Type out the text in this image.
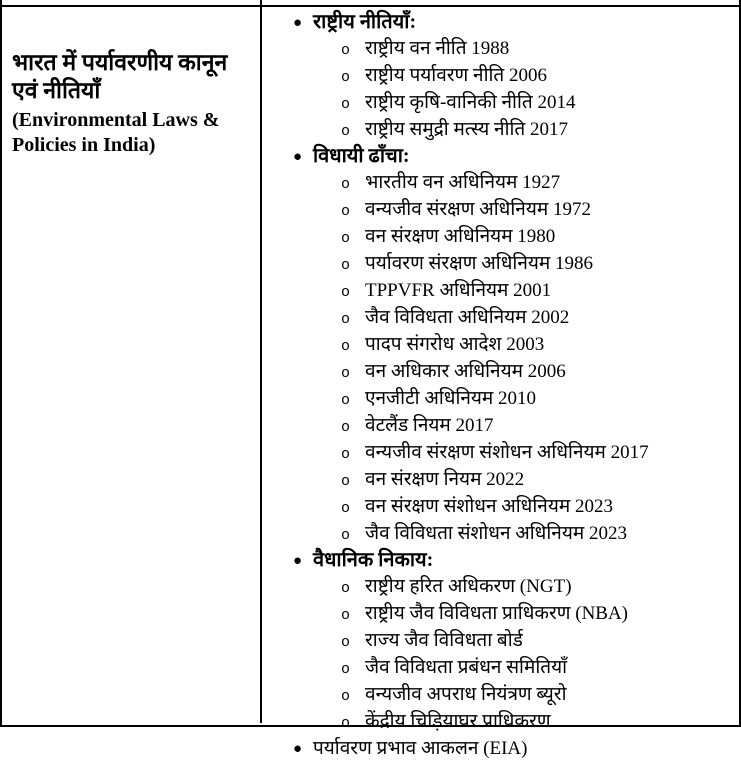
भारत में पर्यावरणीय कानून एवं नीतियाँ
(Environmental Laws & Policies in India)
● राष्ट्रीय नीतियाँ:
o राष्ट्रीय वन नीति 1988
o राष्ट्रीय पर्यावरण नीति 2006
o राष्ट्रीय कृषि-वानिकी नीति 2014
o राष्ट्रीय समुद्री मत्स्य नीति 2017
● विधायी ढाँचा:
o भारतीय वन अधिनियम 1927
o वन्यजीव संरक्षण अधिनियम 1972
o वन संरक्षण अधिनियम 1980
o पर्यावरण संरक्षण अधिनियम 1986
o TPPVFR अधिनियम 2001
o जैव विविधता अधिनियम 2002
o पादप संगरोध आदेश 2003
o वन अधिकार अधिनियम 2006
o एनजीटी अधिनियम 2010
o वेटलैंड नियम 2017
o वन्यजीव संरक्षण संशोधन अधिनियम 2017
o वन संरक्षण नियम 2022
o वन संरक्षण संशोधन अधिनियम 2023
o जैव विविधता संशोधन अधिनियम 2023
● वैधानिक निकाय:
o राष्ट्रीय हरित अधिकरण (NGT)
o राष्ट्रीय जैव विविधता प्राधिकरण (NBA)
o राज्य जैव विविधता बोर्ड
o जैव विविधता प्रबंधन समितियाँ
o वन्यजीव अपराध नियंत्रण ब्यूरो
o केंद्रीय चिड़ियाघर प्राधिकरण
● पर्यावरण प्रभाव आकलन (EIA)
